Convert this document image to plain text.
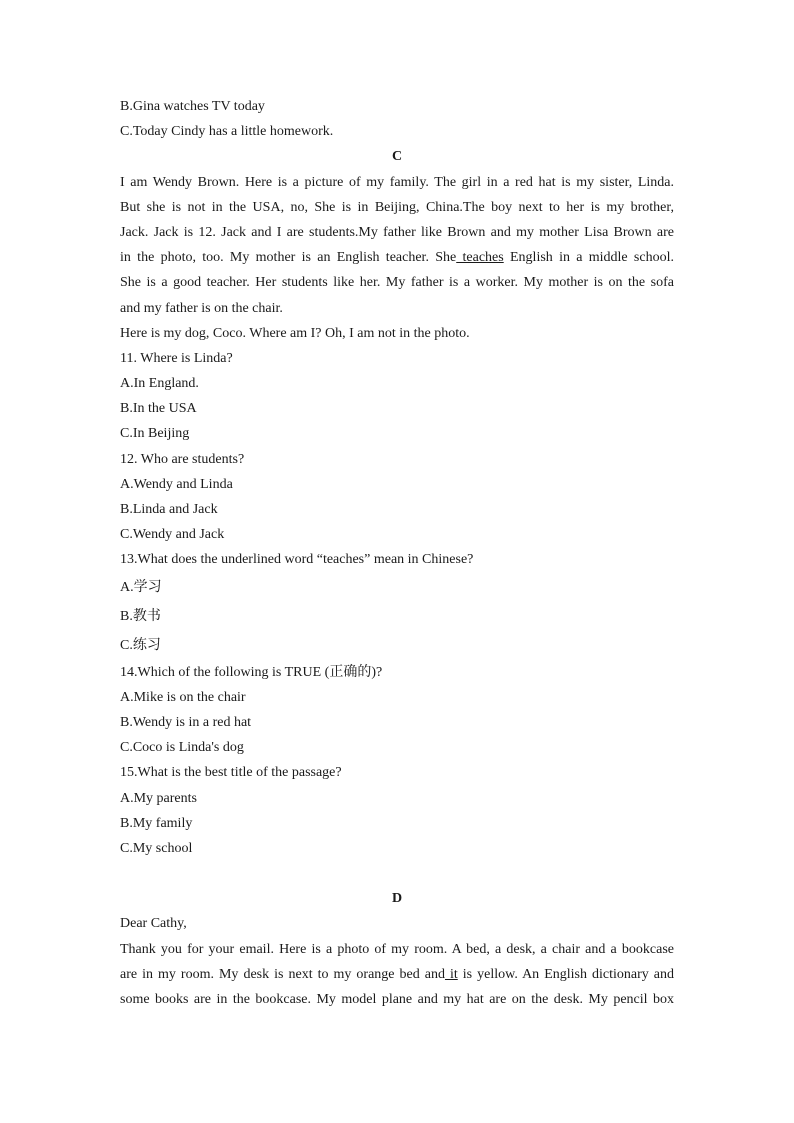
B.Gina watches TV today
C.Today Cindy has a little homework.
C
I am Wendy Brown. Here is a picture of my family. The girl in a red hat is my sister, Linda.
But she is not in the USA, no, She is in Beijing, China.The boy next to her is my brother,
Jack. Jack is 12. Jack and I are students.My father like Brown and my mother Lisa Brown are
in the photo, too. My mother is an English teacher. She teaches English in a middle school.
She is a good teacher. Her students like her. My father is a worker. My mother is on the sofa
and my father is on the chair.
Here is my dog, Coco. Where am I? Oh, I am not in the photo.
11. Where is Linda?
A.In England.
B.In the USA
C.In Beijing
12. Who are students?
A.Wendy and Linda
B.Linda and Jack
C.Wendy and Jack
13.What does the underlined word “teaches” mean in Chinese?
A.学习
B.教书
C.练习
14.Which of the following is TRUE (正确的)?
A.Mike is on the chair
B.Wendy is in a red hat
C.Coco is Linda's dog
15.What is the best title of the passage?
A.My parents
B.My family
C.My school
D
Dear Cathy,
Thank you for your email. Here is a photo of my room. A bed, a desk, a chair and a bookcase
are in my room. My desk is next to my orange bed and it is yellow. An English dictionary and
some books are in the bookcase. My model plane and my hat are on the desk. My pencil box
